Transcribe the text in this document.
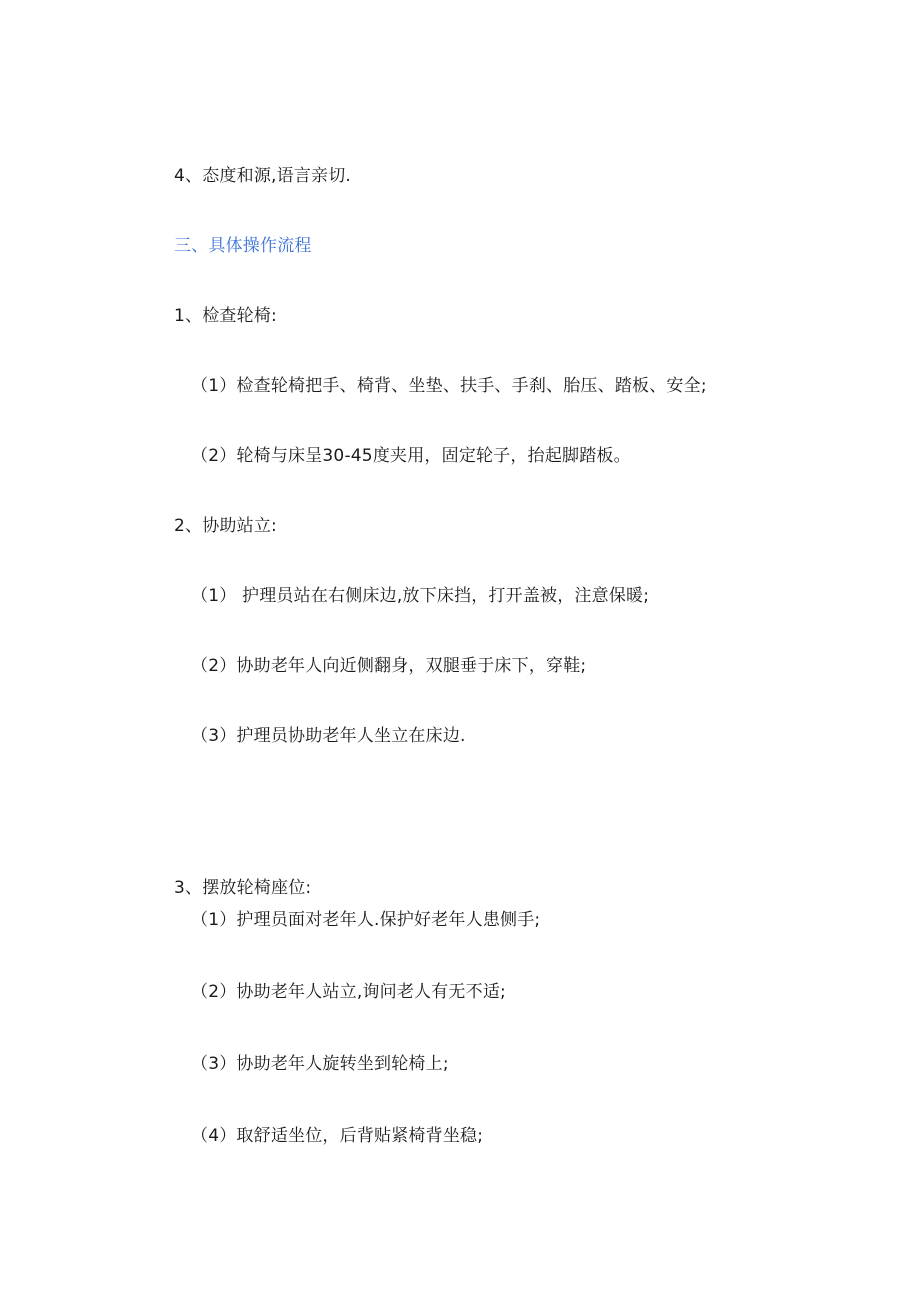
4、态度和源,语言亲切.
三、具体操作流程
1、检查轮椅:
（1）检查轮椅把手、椅背、坐垫、扶手、手刹、胎压、踏板、安全;
（2）轮椅与床呈30-45度夹用，固定轮子，抬起脚踏板。
2、协助站立:
（1） 护理员站在右侧床边,放下床挡，打开盖被，注意保暖;
（2）协助老年人向近侧翻身，双腿垂于床下，穿鞋;
（3）护理员协助老年人坐立在床边.
3、摆放轮椅座位:
（1）护理员面对老年人.保护好老年人患侧手;
（2）协助老年人站立,询问老人有无不适;
（3）协助老年人旋转坐到轮椅上;
（4）取舒适坐位，后背贴紧椅背坐稳;
